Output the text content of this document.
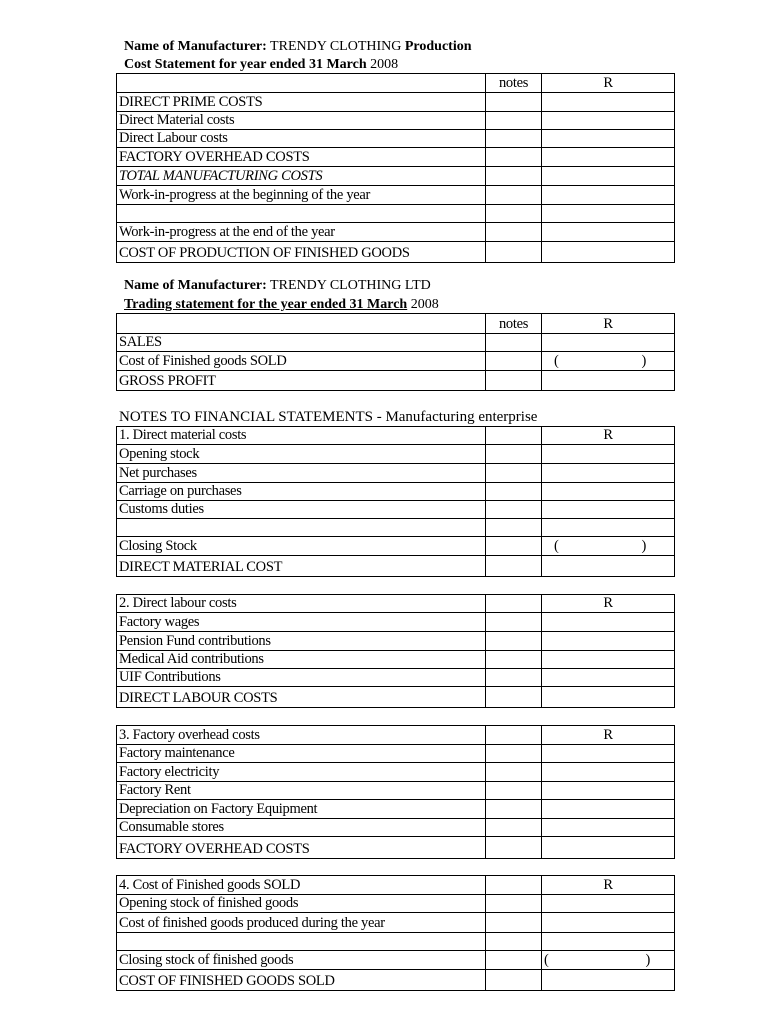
Name of Manufacturer: TRENDY CLOTHING Production
Cost Statement for year ended 31 March 2008
	notes	R
DIRECT PRIME COSTS		
Direct Material costs		
Direct Labour costs		
FACTORY OVERHEAD COSTS		
TOTAL MANUFACTURING COSTS		
Work-in-progress at the beginning of the year		

Work-in-progress at the end of the year		
COST OF PRODUCTION OF FINISHED GOODS		
Name of Manufacturer: TRENDY CLOTHING LTD
Trading statement for the year ended 31 March 2008
	notes	R
SALES		
Cost of Finished goods SOLD		( )

GROSS PROFIT		
NOTES TO FINANCIAL STATEMENTS - Manufacturing enterprise
1. Direct material costs		R
Opening stock		
Net purchases		
Carriage on purchases		
Customs duties		

Closing Stock		( )

DIRECT MATERIAL COST		
2. Direct labour costs		R
Factory wages		
Pension Fund contributions		
Medical Aid contributions		
UIF Contributions		
DIRECT LABOUR COSTS		
3. Factory overhead costs		R
Factory maintenance		
Factory electricity		
Factory Rent		
Depreciation on Factory Equipment		
Consumable stores		
FACTORY OVERHEAD COSTS		
4. Cost of Finished goods SOLD		R
Opening stock of finished goods		
Cost of finished goods produced during the year		

Closing stock of finished goods		( )

COST OF FINISHED GOODS SOLD		
